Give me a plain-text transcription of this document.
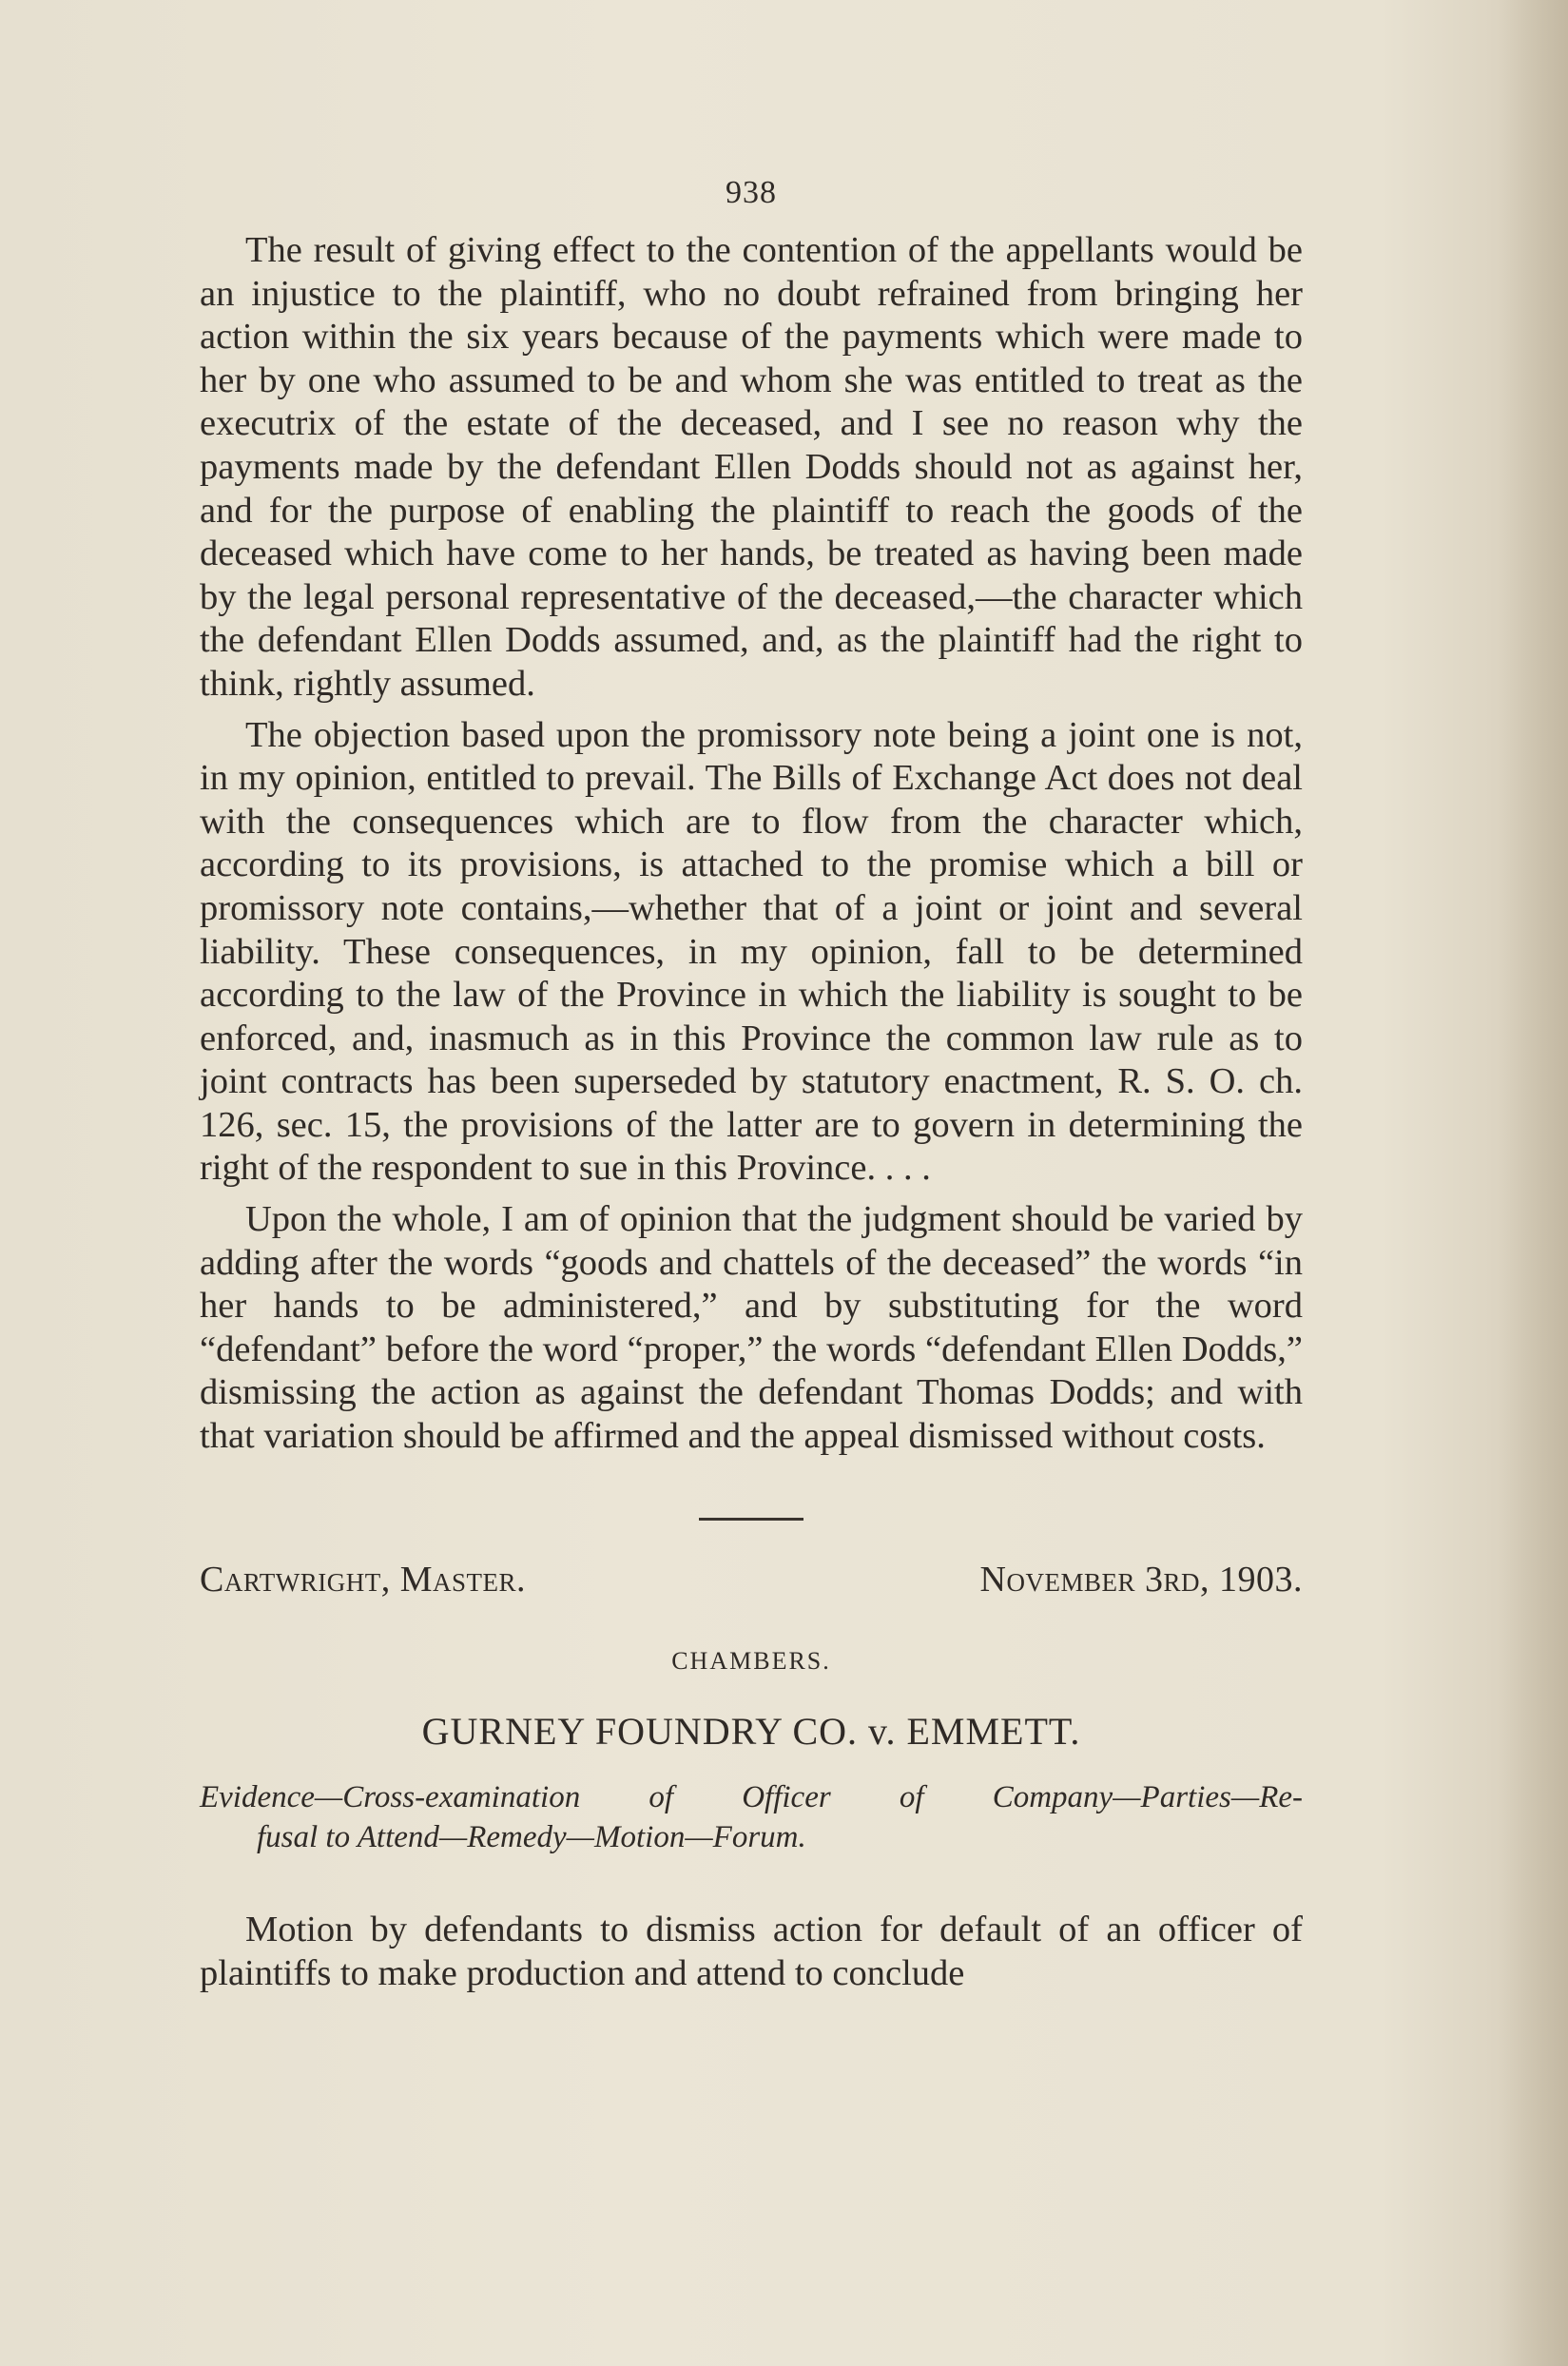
938

The result of giving effect to the contention of the appellants would be an injustice to the plaintiff, who no doubt refrained from bringing her action within the six years because of the payments which were made to her by one who assumed to be and whom she was entitled to treat as the executrix of the estate of the deceased, and I see no reason why the payments made by the defendant Ellen Dodds should not as against her, and for the purpose of enabling the plaintiff to reach the goods of the deceased which have come to her hands, be treated as having been made by the legal personal representative of the deceased,—the character which the defendant Ellen Dodds assumed, and, as the plaintiff had the right to think, rightly assumed.

The objection based upon the promissory note being a joint one is not, in my opinion, entitled to prevail. The Bills of Exchange Act does not deal with the consequences which are to flow from the character which, according to its provisions, is attached to the promise which a bill or promissory note contains,—whether that of a joint or joint and several liability. These consequences, in my opinion, fall to be determined according to the law of the Province in which the liability is sought to be enforced, and, inasmuch as in this Province the common law rule as to joint contracts has been superseded by statutory enactment, R. S. O. ch. 126, sec. 15, the provisions of the latter are to govern in determining the right of the respondent to sue in this Province. . . .

Upon the whole, I am of opinion that the judgment should be varied by adding after the words “goods and chattels of the deceased” the words “in her hands to be administered,” and by substituting for the word “defendant” before the word “proper,” the words “defendant Ellen Dodds,” dismissing the action as against the defendant Thomas Dodds; and with that variation should be affirmed and the appeal dismissed without costs.

Cartwright, Master.	November 3rd, 1903.
CHAMBERS.
GURNEY FOUNDRY CO. v. EMMETT.
Evidence—Cross-examination of Officer of Company—Parties—Re-
fusal to Attend—Remedy—Motion—Forum.

Motion by defendants to dismiss action for default of an officer of plaintiffs to make production and attend to conclude
